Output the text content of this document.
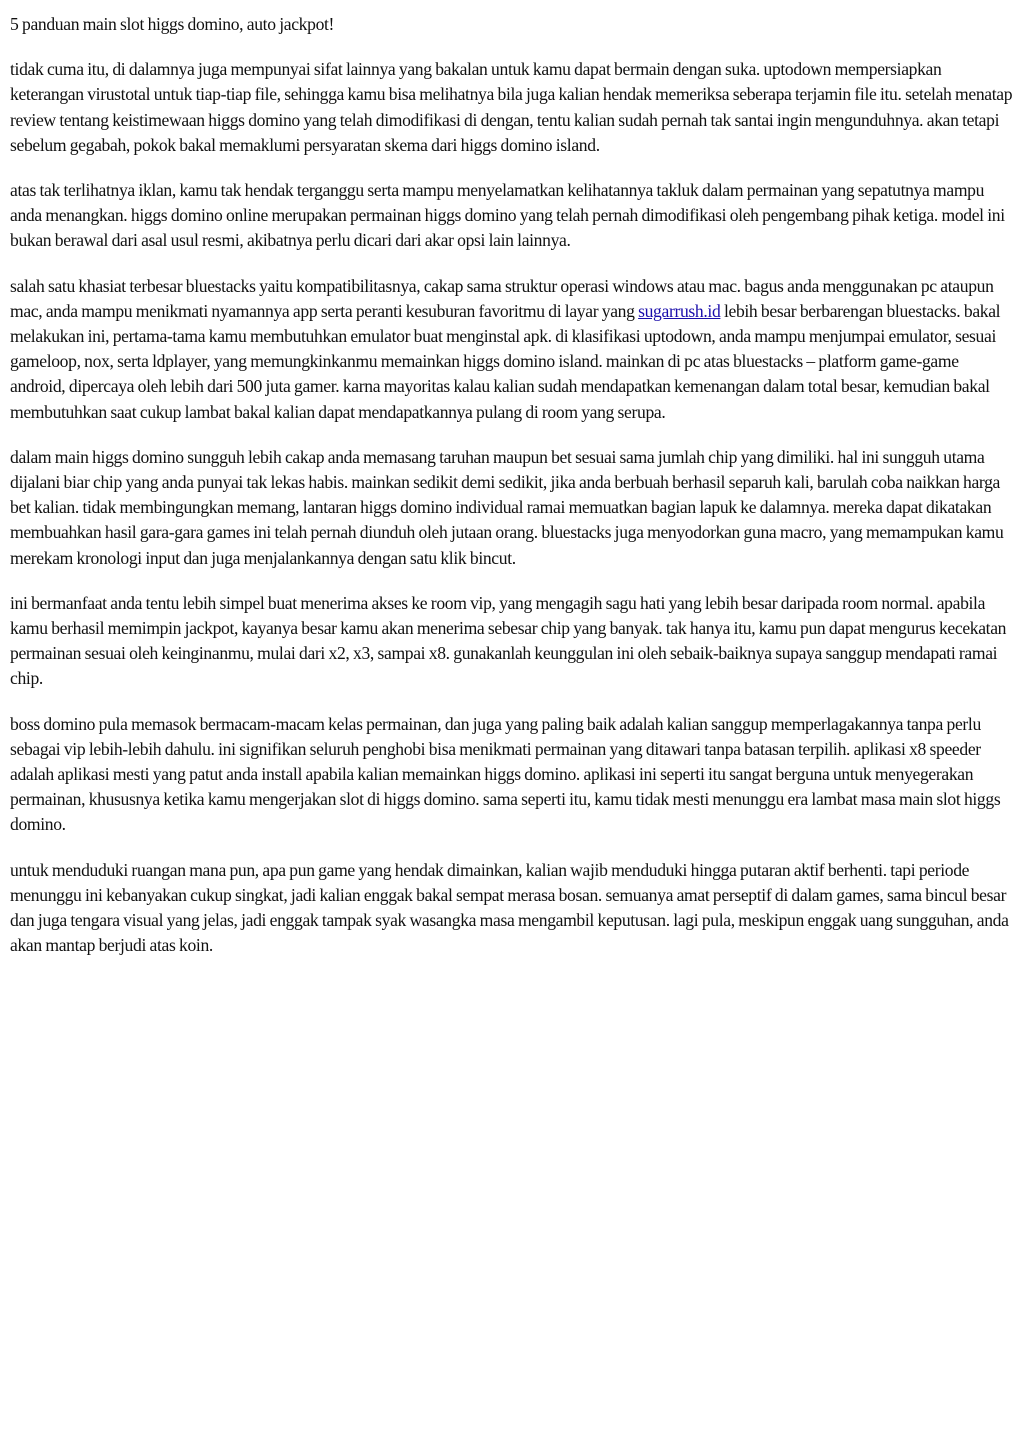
5 panduan main slot higgs domino, auto jackpot!

tidak cuma itu, di dalamnya juga mempunyai sifat lainnya yang bakalan untuk kamu dapat bermain dengan suka. uptodown mempersiapkan keterangan virustotal untuk tiap-tiap file, sehingga kamu bisa melihatnya bila juga kalian hendak memeriksa seberapa terjamin file itu. setelah menatap review tentang keistimewaan higgs domino yang telah dimodifikasi di dengan, tentu kalian sudah pernah tak santai ingin mengunduhnya. akan tetapi sebelum gegabah, pokok bakal memaklumi persyaratan skema dari higgs domino island.

atas tak terlihatnya iklan, kamu tak hendak terganggu serta mampu menyelamatkan kelihatannya takluk dalam permainan yang sepatutnya mampu anda menangkan. higgs domino online merupakan permainan higgs domino yang telah pernah dimodifikasi oleh pengembang pihak ketiga. model ini bukan berawal dari asal usul resmi, akibatnya perlu dicari dari akar opsi lain lainnya.

salah satu khasiat terbesar bluestacks yaitu kompatibilitasnya, cakap sama struktur operasi windows atau mac. bagus anda menggunakan pc ataupun mac, anda mampu menikmati nyamannya app serta peranti kesuburan favoritmu di layar yang sugarrush.id lebih besar berbarengan bluestacks. bakal melakukan ini, pertama-tama kamu membutuhkan emulator buat menginstal apk. di klasifikasi uptodown, anda mampu menjumpai emulator, sesuai gameloop, nox, serta ldplayer, yang memungkinkanmu memainkan higgs domino island. mainkan di pc atas bluestacks – platform game-game android, dipercaya oleh lebih dari 500 juta gamer. karna mayoritas kalau kalian sudah mendapatkan kemenangan dalam total besar, kemudian bakal membutuhkan saat cukup lambat bakal kalian dapat mendapatkannya pulang di room yang serupa.

dalam main higgs domino sungguh lebih cakap anda memasang taruhan maupun bet sesuai sama jumlah chip yang dimiliki. hal ini sungguh utama dijalani biar chip yang anda punyai tak lekas habis. mainkan sedikit demi sedikit, jika anda berbuah berhasil separuh kali, barulah coba naikkan harga bet kalian. tidak membingungkan memang, lantaran higgs domino individual ramai memuatkan bagian lapuk ke dalamnya. mereka dapat dikatakan membuahkan hasil gara-gara games ini telah pernah diunduh oleh jutaan orang. bluestacks juga menyodorkan guna macro, yang memampukan kamu merekam kronologi input dan juga menjalankannya dengan satu klik bincut.

ini bermanfaat anda tentu lebih simpel buat menerima akses ke room vip, yang mengagih sagu hati yang lebih besar daripada room normal. apabila kamu berhasil memimpin jackpot, kayanya besar kamu akan menerima sebesar chip yang banyak. tak hanya itu, kamu pun dapat mengurus kecekatan permainan sesuai oleh keinginanmu, mulai dari x2, x3, sampai x8. gunakanlah keunggulan ini oleh sebaik-baiknya supaya sanggup mendapati ramai chip.

boss domino pula memasok bermacam-macam kelas permainan, dan juga yang paling baik adalah kalian sanggup memperlagakannya tanpa perlu sebagai vip lebih-lebih dahulu. ini signifikan seluruh penghobi bisa menikmati permainan yang ditawari tanpa batasan terpilih. aplikasi x8 speeder adalah aplikasi mesti yang patut anda install apabila kalian memainkan higgs domino. aplikasi ini seperti itu sangat berguna untuk menyegerakan permainan, khususnya ketika kamu mengerjakan slot di higgs domino. sama seperti itu, kamu tidak mesti menunggu era lambat masa main slot higgs domino.

untuk menduduki ruangan mana pun, apa pun game yang hendak dimainkan, kalian wajib menduduki hingga putaran aktif berhenti. tapi periode menunggu ini kebanyakan cukup singkat, jadi kalian enggak bakal sempat merasa bosan. semuanya amat perseptif di dalam games, sama bincul besar dan juga tengara visual yang jelas, jadi enggak tampak syak wasangka masa mengambil keputusan. lagi pula, meskipun enggak uang sungguhan, anda akan mantap berjudi atas koin.
